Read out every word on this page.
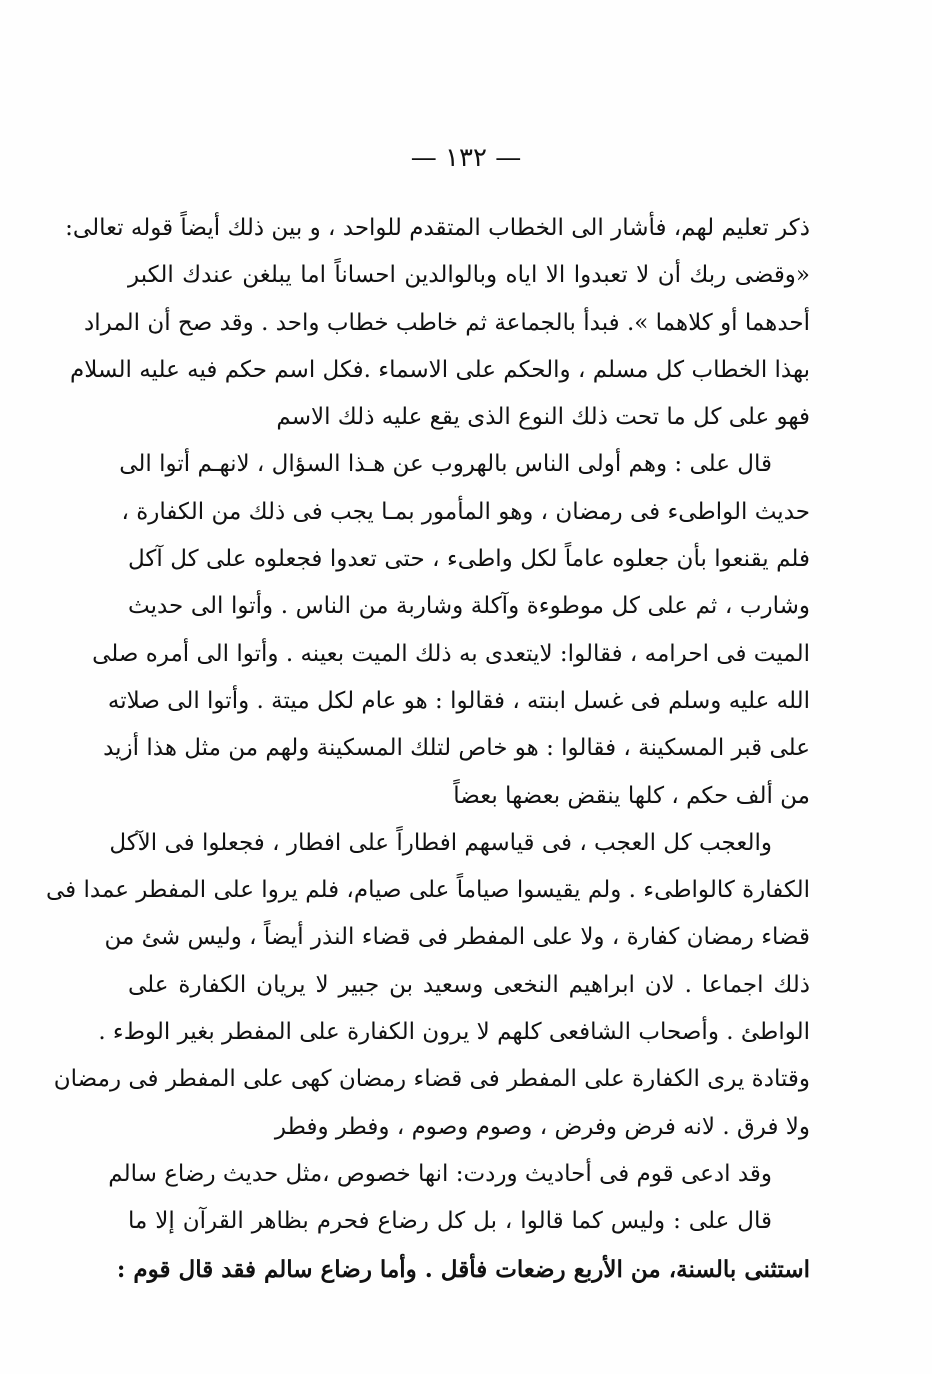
— ١٣٢ —
ذكر تعليم لهم، فأشار الى الخطاب المتقدم للواحد ، و بين ذلك أيضاً قوله تعالى:
«وقضى ربك أن لا تعبدوا الا اياه وبالوالدين احساناً اما يبلغن عندك الكبر
أحدهما أو كلاهما ». فبدأ بالجماعة ثم خاطب خطاب واحد . وقد صح أن المراد
بهذا الخطاب كل مسلم ، والحكم على الاسماء .فكل اسم حكم فيه عليه السلام
فهو على كل ما تحت ذلك النوع الذى يقع عليه ذلك الاسم
قال على : وهم أولى الناس بالهروب عن هـذا السؤال ، لانهـم أتوا الى
حديث الواطىء فى رمضان ، وهو المأمور بمـا يجب فى ذلك من الكفارة ،
فلم يقنعوا بأن جعلوه عاماً لكل واطىء ، حتى تعدوا فجعلوه على كل آكل
وشارب ، ثم على كل موطوءة وآكلة وشاربة من الناس . وأتوا الى حديث
الميت فى احرامه ، فقالوا: لايتعدى به ذلك الميت بعينه . وأتوا الى أمره صلى
الله عليه وسلم فى غسل ابنته ، فقالوا : هو عام لكل ميتة . وأتوا الى صلاته
على قبر المسكينة ، فقالوا : هو خاص لتلك المسكينة ولهم من مثل هذا أزيد
من ألف حكم ، كلها ينقض بعضها بعضاً
والعجب كل العجب ، فى قياسهم افطاراً على افطار ، فجعلوا فى الآكل
الكفارة كالواطىء . ولم يقيسوا صياماً على صيام، فلم يروا على المفطر عمدا فى
قضاء رمضان كفارة ، ولا على المفطر فى قضاء النذر أيضاً ، وليس شئ من
ذلك اجماعا . لان ابراهيم النخعى وسعيد بن جبير لا يريان الكفارة على
الواطئ . وأصحاب الشافعى كلهم لا يرون الكفارة على المفطر بغير الوطء .
وقتادة يرى الكفارة على المفطر فى قضاء رمضان كهى على المفطر فى رمضان
ولا فرق . لانه فرض وفرض ، وصوم وصوم ، وفطر وفطر
وقد ادعى قوم فى أحاديث وردت: انها خصوص ،مثل حديث رضاع سالم
قال على : وليس كما قالوا ، بل كل رضاع فحرم بظاهر القرآن إلا ما
استثنى بالسنة، من الأربع رضعات فأقل . وأما رضاع سالم فقد قال قوم :
